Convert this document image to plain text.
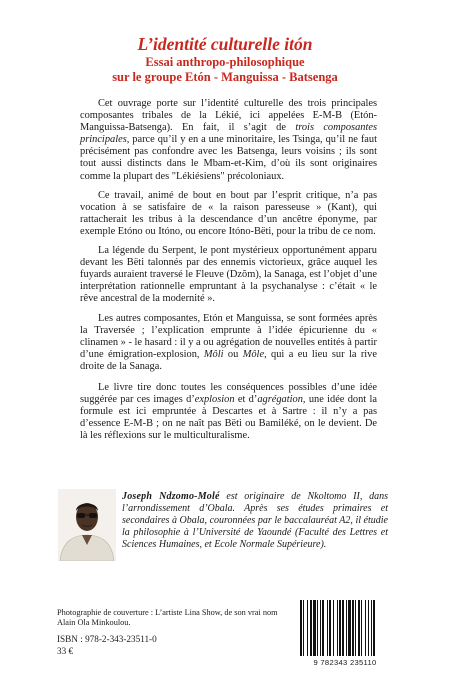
L’identité culturelle itón
Essai anthropo-philosophique
sur le groupe Etón - Manguissa - Batsenga

Cet ouvrage porte sur l’identité culturelle des trois principales composantes tribales de la Lékié, ici appelées E-M-B (Etón-Manguissa-Batsenga). En fait, il s’agit de trois composantes principales, parce qu’il y en a une minoritaire, les Tsinga, qu’il ne faut précisément pas confondre avec les Batsenga, leurs voisins ; ils sont tout aussi distincts dans le Mbam-et-Kim, d’où ils sont originaires comme la plupart des "Lékiésiens" précoloniaux.

Ce travail, animé de bout en bout par l’esprit critique, n’a pas vocation à se satisfaire de « la raison paresseuse » (Kant), qui rattacherait les tribus à la descendance d’un ancêtre éponyme, par exemple Etóno ou Itóno, ou encore Itóno-Bëti, pour la tribu de ce nom.

La légende du Serpent, le pont mystérieux opportunément apparu devant les Bëti talonnés par des ennemis victorieux, grâce auquel les fuyards auraient traversé le Fleuve (Dzõm), la Sanaga, est l’objet d’une interprétation rationnelle empruntant à la psychanalyse : c’était « le rêve ancestral de la modernité ».

Les autres composantes, Etón et Manguissa, se sont formées après la Traversée ; l’explication emprunte à l’idée épicurienne du « clinamen » - le hasard : il y a ou agrégation de nouvelles entités à partir d’une émigration-explosion, Môli ou Môle, qui a eu lieu sur la rive droite de la Sanaga.

Le livre tire donc toutes les conséquences possibles d’une idée suggérée par ces images d’explosion et d’agrégation, une idée dont la formule est ici empruntée à Descartes et à Sartre : il n’y a pas d’essence E-M-B ; on ne naît pas Bëti ou Bamiléké, on le devient. De là les réflexions sur le multiculturalisme.

Joseph Ndzomo-Molé est originaire de Nkoltomo II, dans l’arrondissement d’Obala. Après ses études primaires et secondaires à Obala, couronnées par le baccalauréat A2, il étudie la philosophie à l’Université de Yaoundé (Faculté des Lettres et Sciences Humaines, et Ecole Normale Supérieure).
Photographie de couverture : L’artiste Lina Show, de son vrai nom
Alain Ola Minkoulou.
ISBN : 978-2-343-23511-0
33 €
9 782343 235110
